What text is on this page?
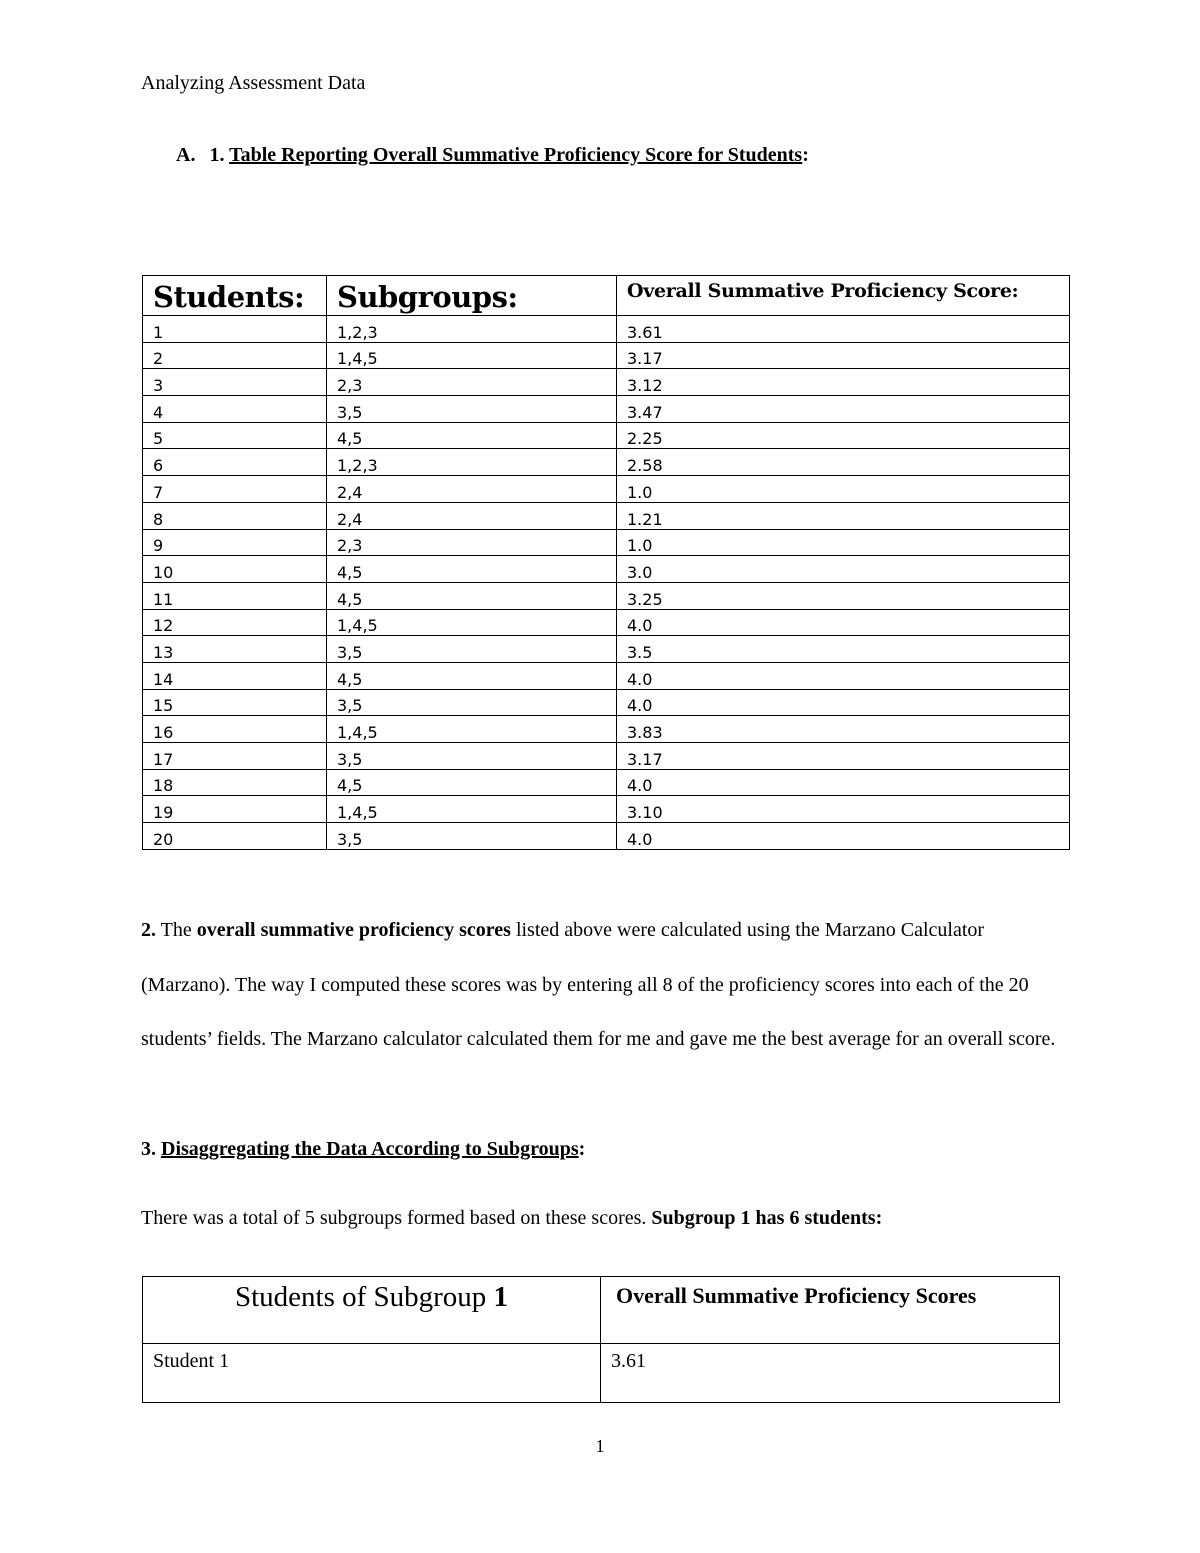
Analyzing Assessment Data
A. 1. Table Reporting Overall Summative Proficiency Score for Students:
Students:	Subgroups:	Overall Summative Proficiency Score:
1	1,2,3	3.61
2	1,4,5	3.17
3	2,3	3.12
4	3,5	3.47
5	4,5	2.25
6	1,2,3	2.58
7	2,4	1.0
8	2,4	1.21
9	2,3	1.0
10	4,5	3.0
11	4,5	3.25
12	1,4,5	4.0
13	3,5	3.5
14	4,5	4.0
15	3,5	4.0
16	1,4,5	3.83
17	3,5	3.17
18	4,5	4.0
19	1,4,5	3.10
20	3,5	4.0
2. The overall summative proficiency scores listed above were calculated using the Marzano Calculator (Marzano). The way I computed these scores was by entering all 8 of the proficiency scores into each of the 20 students’ fields. The Marzano calculator calculated them for me and gave me the best average for an overall score.
3. Disaggregating the Data According to Subgroups:
There was a total of 5 subgroups formed based on these scores. Subgroup 1 has 6 students:
Students of Subgroup 1	Overall Summative Proficiency Scores
Student 1	3.61
1
